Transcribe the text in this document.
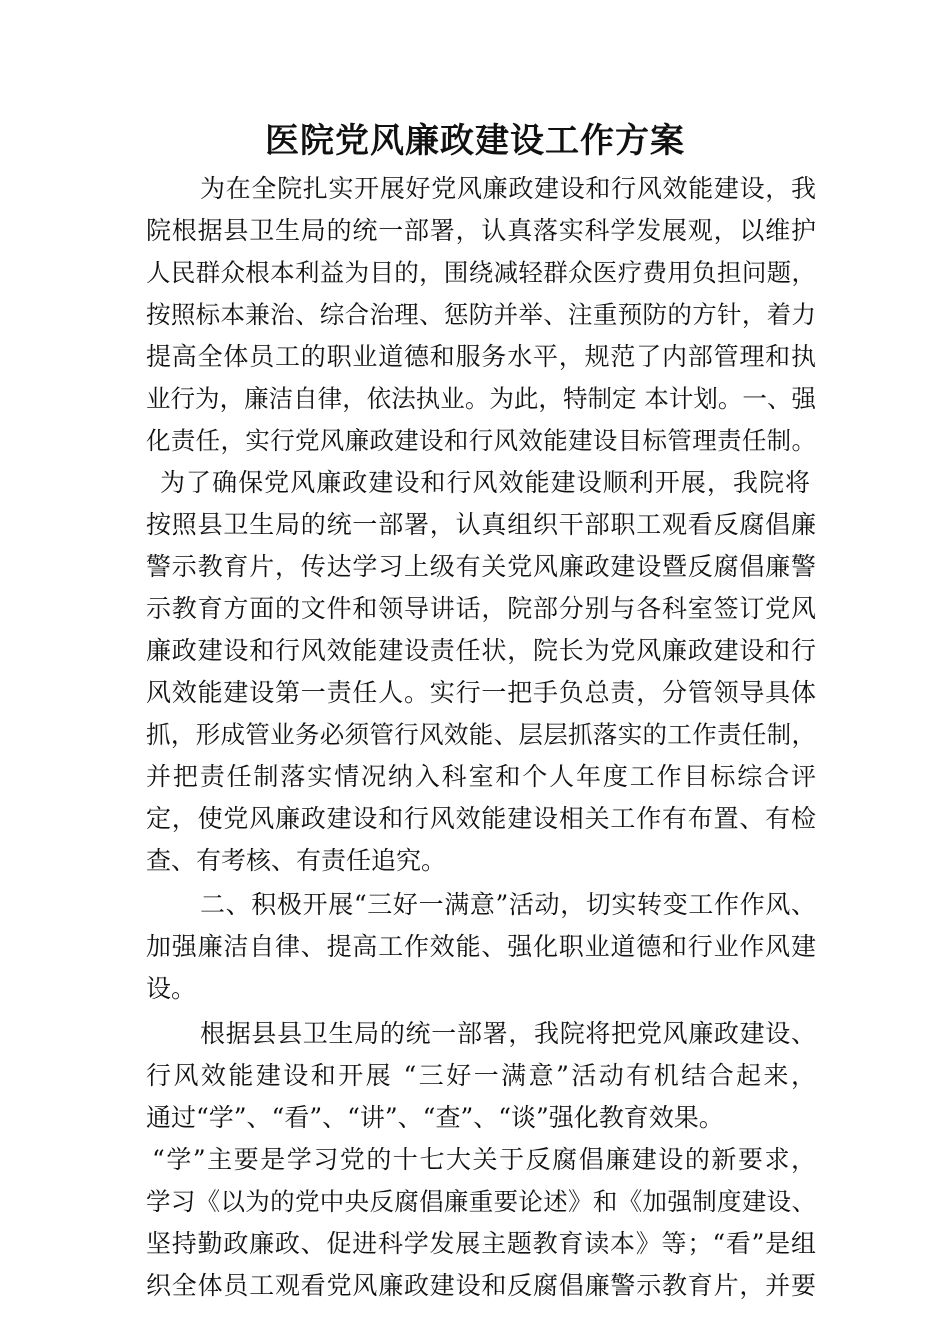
医院党风廉政建设工作方案
为在全院扎实开展好党风廉政建设和行风效能建设，我
院根据县卫生局的统一部署，认真落实科学发展观，以维护
人民群众根本利益为目的，围绕减轻群众医疗费用负担问题，
按照标本兼治、综合治理、惩防并举、注重预防的方针，着力
提高全体员工的职业道德和服务水平，规范了内部管理和执
业行为，廉洁自律，依法执业。为此，特制定 本计划。一、强
化责任，实行党风廉政建设和行风效能建设目标管理责任制。
为了确保党风廉政建设和行风效能建设顺利开展，我院将
按照县卫生局的统一部署，认真组织干部职工观看反腐倡廉
警示教育片，传达学习上级有关党风廉政建设暨反腐倡廉警
示教育方面的文件和领导讲话，院部分别与各科室签订党风
廉政建设和行风效能建设责任状，院长为党风廉政建设和行
风效能建设第一责任人。实行一把手负总责，分管领导具体
抓，形成管业务必须管行风效能、层层抓落实的工作责任制，
并把责任制落实情况纳入科室和个人年度工作目标综合评
定，使党风廉政建设和行风效能建设相关工作有布置、有检
查、有考核、有责任追究。
二、积极开展“三好一满意”活动，切实转变工作作风、
加强廉洁自律、提高工作效能、强化职业道德和行业作风建
设。
根据县县卫生局的统一部署，我院将把党风廉政建设、
行风效能建设和开展 “三好一满意”活动有机结合起来，
通过“学”、“看”、“讲”、“查”、“谈”强化教育效果。
“学”主要是学习党的十七大关于反腐倡廉建设的新要求，
学习《以为的党中央反腐倡廉重要论述》和《加强制度建设、
坚持勤政廉政、促进科学发展主题教育读本》等；“看”是组
织全体员工观看党风廉政建设和反腐倡廉警示教育片，并要
